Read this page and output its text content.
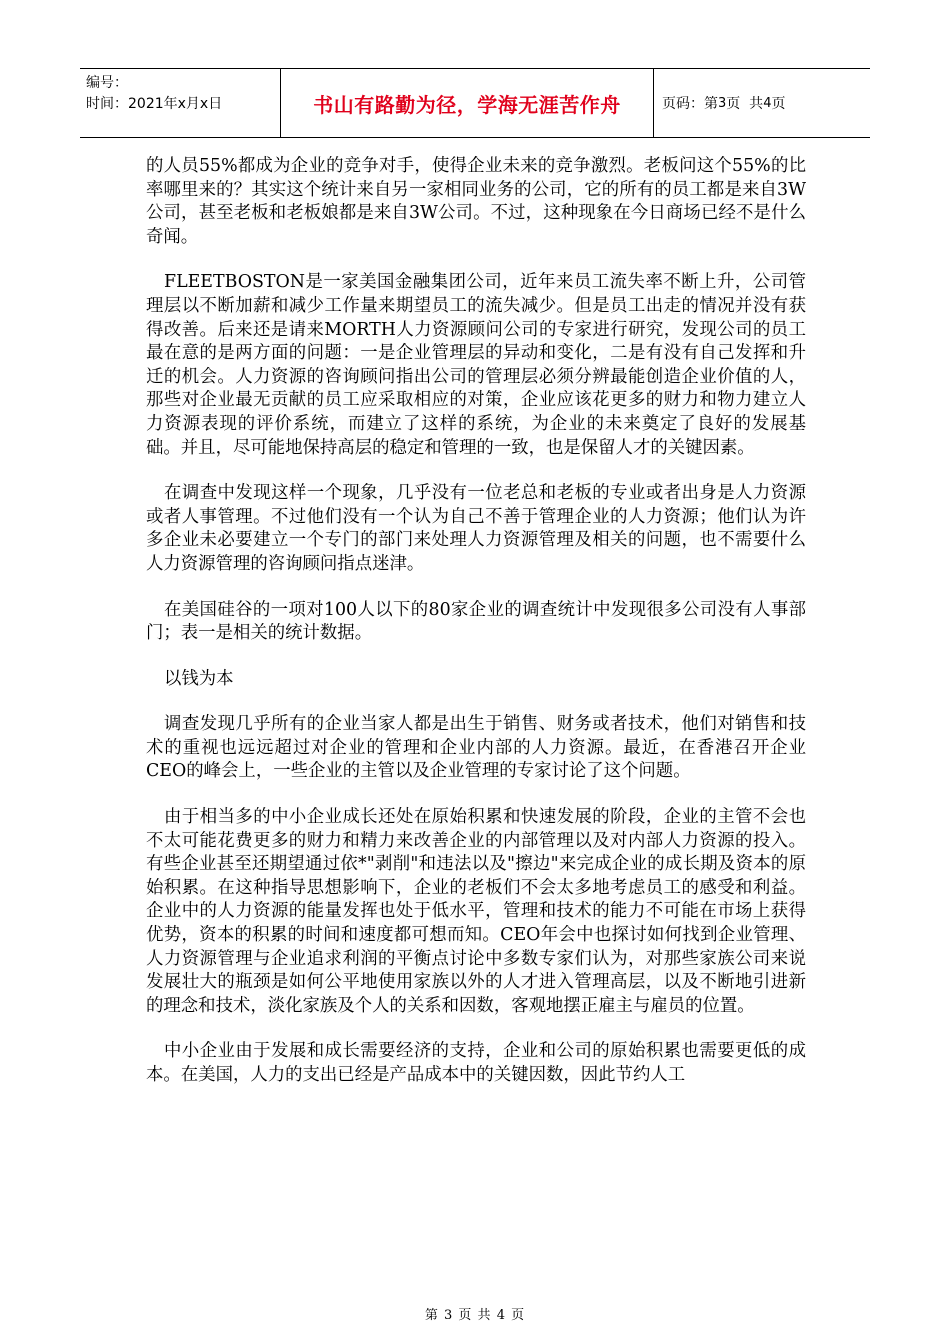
编号：
时间：2021年x月x日	书山有路勤为径，学海无涯苦作舟	页码：第 3 页  共 4 页

的人员55%都成为企业的竞争对手，使得企业未来的竞争激烈。老板问这个55%的比率哪里来的？其实这个统计来自另一家相同业务的公司，它的所有的员工都是来自3W公司，甚至老板和老板娘都是来自3W公司。不过，这种现象在今日商场已经不是什么奇闻。

FLEETBOSTON是一家美国金融集团公司，近年来员工流失率不断上升，公司管理层以不断加薪和减少工作量来期望员工的流失减少。但是员工出走的情况并没有获得改善。后来还是请来MORTH人力资源顾问公司的专家进行研究，发现公司的员工最在意的是两方面的问题：一是企业管理层的异动和变化，二是有没有自己发挥和升迁的机会。人力资源的咨询顾问指出公司的管理层必须分辨最能创造企业价值的人，那些对企业最无贡献的员工应采取相应的对策，企业应该花更多的财力和物力建立人力资源表现的评价系统，而建立了这样的系统，为企业的未来奠定了良好的发展基础。并且，尽可能地保持高层的稳定和管理的一致，也是保留人才的关键因素。

在调查中发现这样一个现象，几乎没有一位老总和老板的专业或者出身是人力资源或者人事管理。不过他们没有一个认为自己不善于管理企业的人力资源；他们认为许多企业未必要建立一个专门的部门来处理人力资源管理及相关的问题，也不需要什么人力资源管理的咨询顾问指点迷津。

在美国硅谷的一项对100人以下的80家企业的调查统计中发现很多公司没有人事部门；表一是相关的统计数据。

以钱为本

调查发现几乎所有的企业当家人都是出生于销售、财务或者技术，他们对销售和技术的重视也远远超过对企业的管理和企业内部的人力资源。最近，在香港召开企业CEO的峰会上，一些企业的主管以及企业管理的专家讨论了这个问题。

由于相当多的中小企业成长还处在原始积累和快速发展的阶段，企业的主管不会也不太可能花费更多的财力和精力来改善企业的内部管理以及对内部人力资源的投入。有些企业甚至还期望通过依*"剥削"和违法以及"擦边"来完成企业的成长期及资本的原始积累。在这种指导思想影响下，企业的老板们不会太多地考虑员工的感受和利益。企业中的人力资源的能量发挥也处于低水平，管理和技术的能力不可能在市场上获得优势，资本的积累的时间和速度都可想而知。CEO年会中也探讨如何找到企业管理、人力资源管理与企业追求利润的平衡点讨论中多数专家们认为，对那些家族公司来说发展壮大的瓶颈是如何公平地使用家族以外的人才进入管理高层，以及不断地引进新的理念和技术，淡化家族及个人的关系和因数，客观地摆正雇主与雇员的位置。

中小企业由于发展和成长需要经济的支持，企业和公司的原始积累也需要更低的成本。在美国，人力的支出已经是产品成本中的关键因数，因此节约人工

第 3 页 共 4 页
